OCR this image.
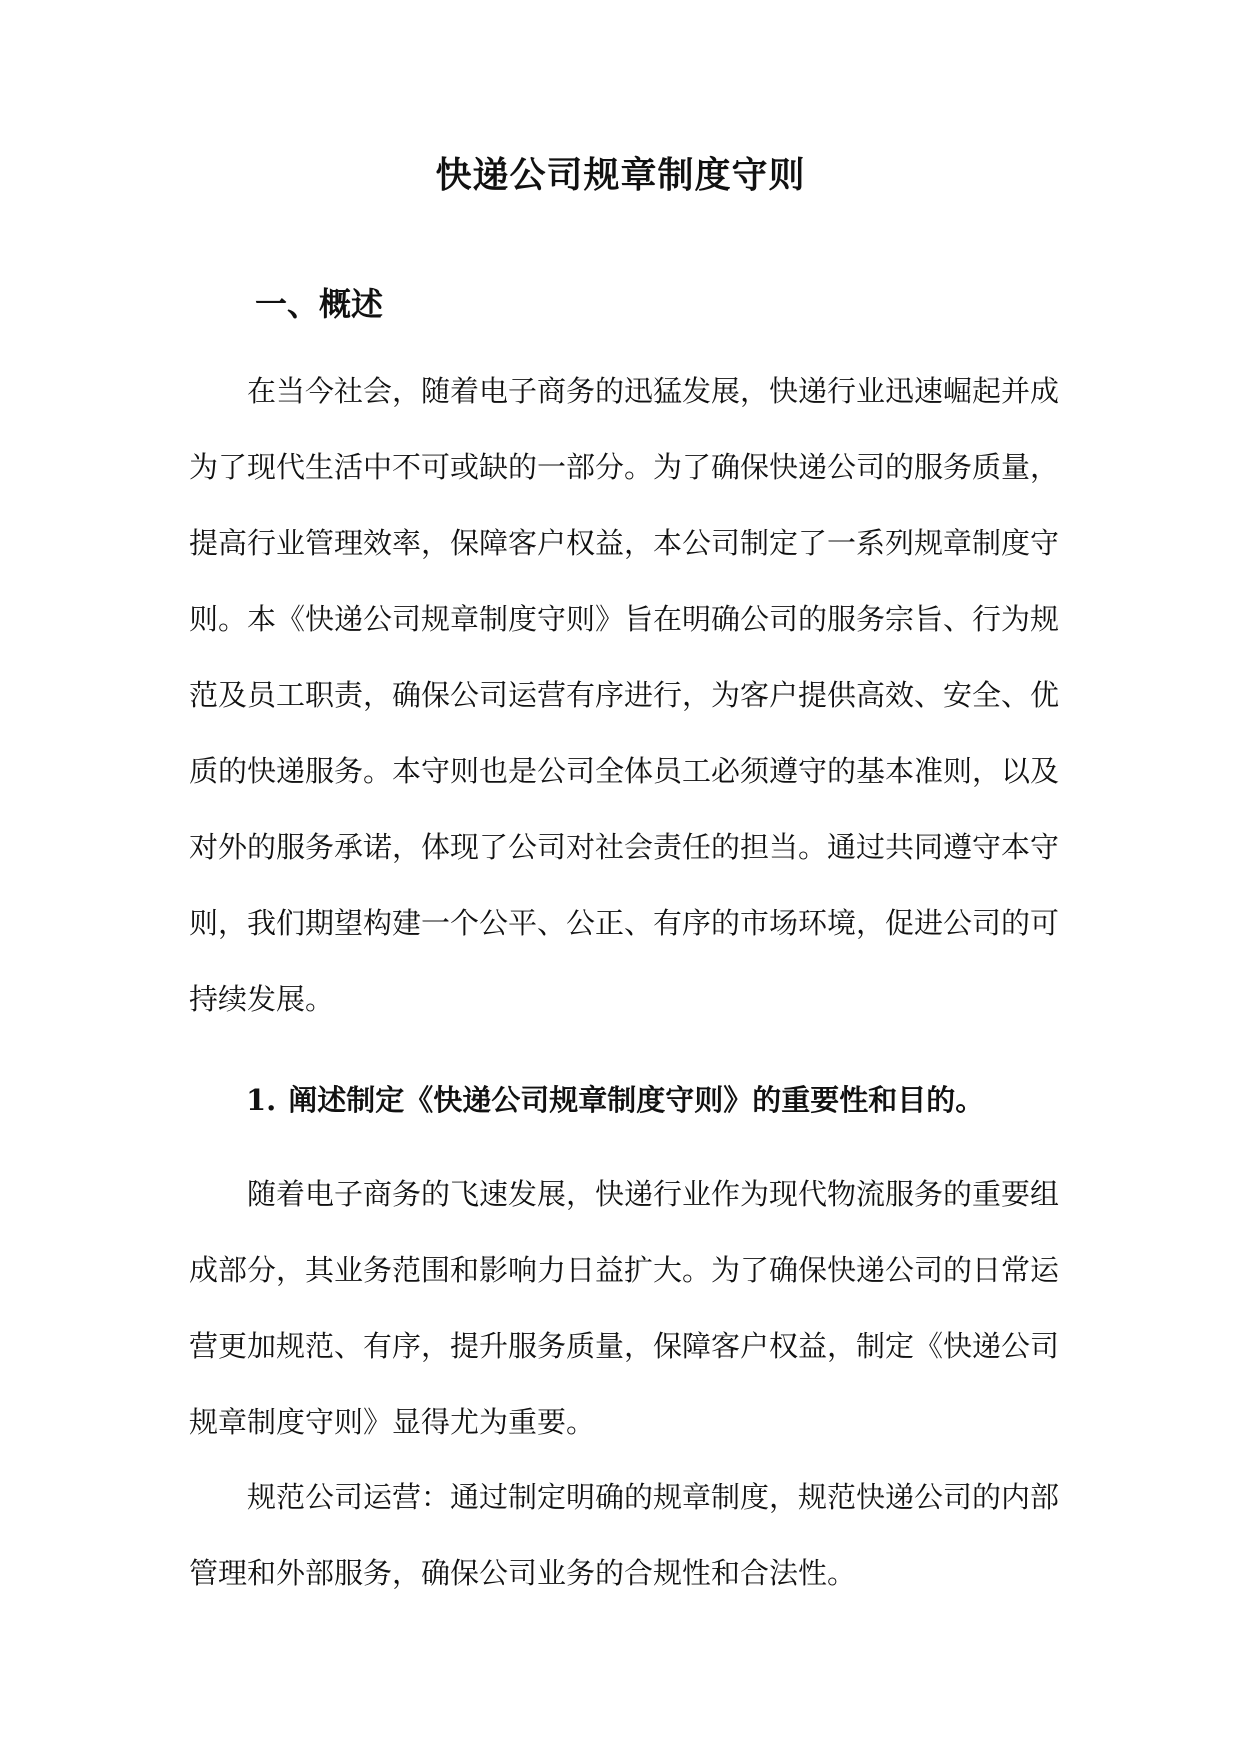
快递公司规章制度守则
一、概述

在当今社会，随着电子商务的迅猛发展，快递行业迅速崛起并成为了现代生活中不可或缺的一部分。为了确保快递公司的服务质量，提高行业管理效率，保障客户权益，本公司制定了一系列规章制度守则。本《快递公司规章制度守则》旨在明确公司的服务宗旨、行为规范及员工职责，确保公司运营有序进行，为客户提供高效、安全、优质的快递服务。本守则也是公司全体员工必须遵守的基本准则，以及对外的服务承诺，体现了公司对社会责任的担当。通过共同遵守本守则，我们期望构建一个公平、公正、有序的市场环境，促进公司的可持续发展。

1. 阐述制定《快递公司规章制度守则》的重要性和目的。

随着电子商务的飞速发展，快递行业作为现代物流服务的重要组成部分，其业务范围和影响力日益扩大。为了确保快递公司的日常运营更加规范、有序，提升服务质量，保障客户权益，制定《快递公司规章制度守则》显得尤为重要。

规范公司运营：通过制定明确的规章制度，规范快递公司的内部管理和外部服务，确保公司业务的合规性和合法性。
